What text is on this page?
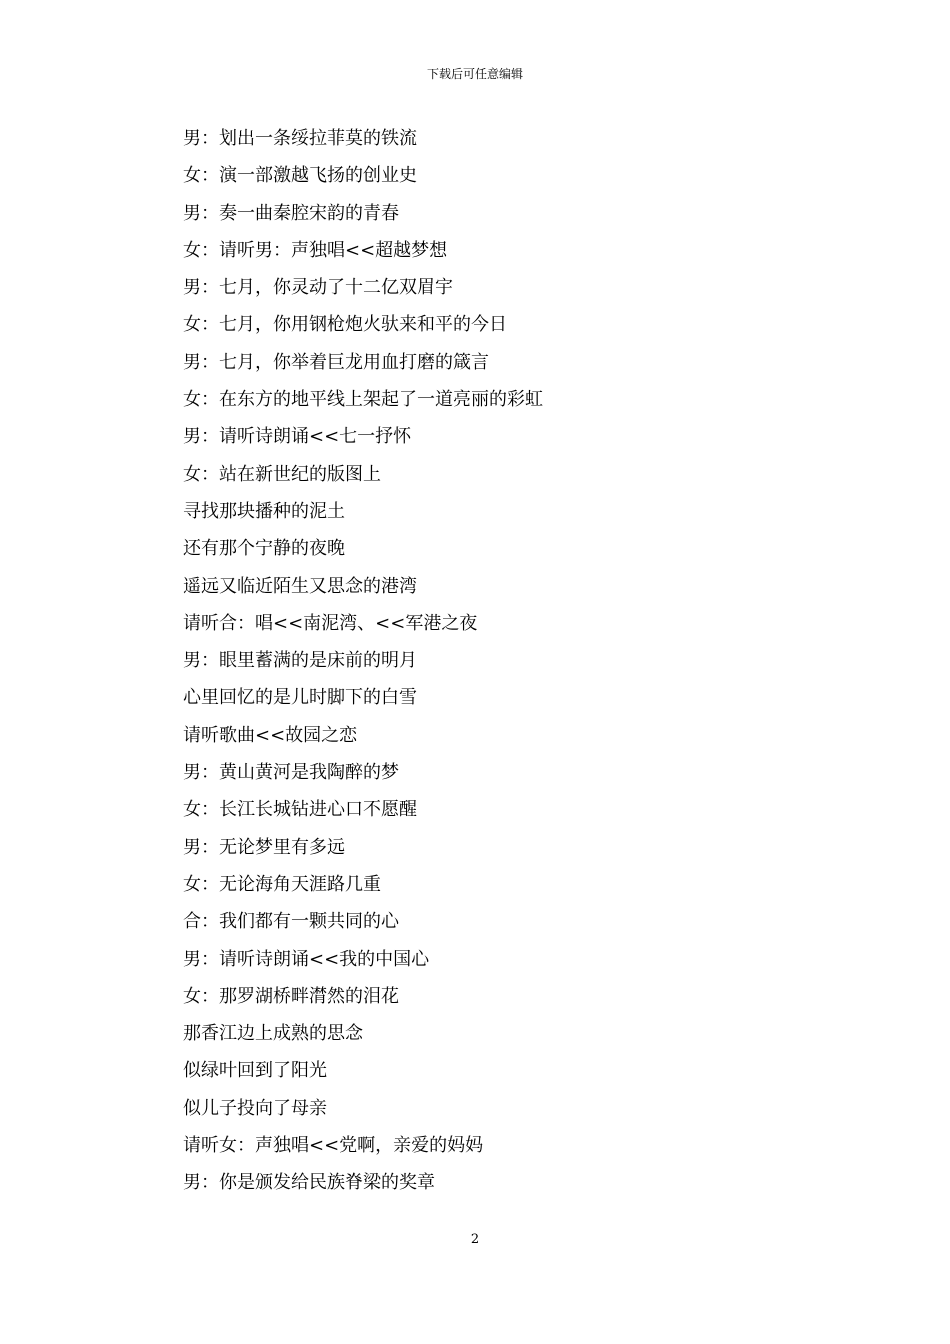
下载后可任意编辑
男：划出一条绥拉菲莫的铁流
女：演一部激越飞扬的创业史
男：奏一曲秦腔宋韵的青春
女：请听男：声独唱<<超越梦想
男：七月，你灵动了十二亿双眉宇
女：七月，你用钢枪炮火驮来和平的今日
男：七月，你举着巨龙用血打磨的箴言
女：在东方的地平线上架起了一道亮丽的彩虹
男：请听诗朗诵<<七一抒怀
女：站在新世纪的版图上
寻找那块播种的泥土
还有那个宁静的夜晚
遥远又临近陌生又思念的港湾
请听合：唱<<南泥湾、<<军港之夜
男：眼里蓄满的是床前的明月
心里回忆的是儿时脚下的白雪
请听歌曲<<故园之恋
男：黄山黄河是我陶醉的梦
女：长江长城钻进心口不愿醒
男：无论梦里有多远
女：无论海角天涯路几重
合：我们都有一颗共同的心
男：请听诗朗诵<<我的中国心
女：那罗湖桥畔潸然的泪花
那香江边上成熟的思念
似绿叶回到了阳光
似儿子投向了母亲
请听女：声独唱<<党啊，亲爱的妈妈
男：你是颁发给民族脊梁的奖章
2
